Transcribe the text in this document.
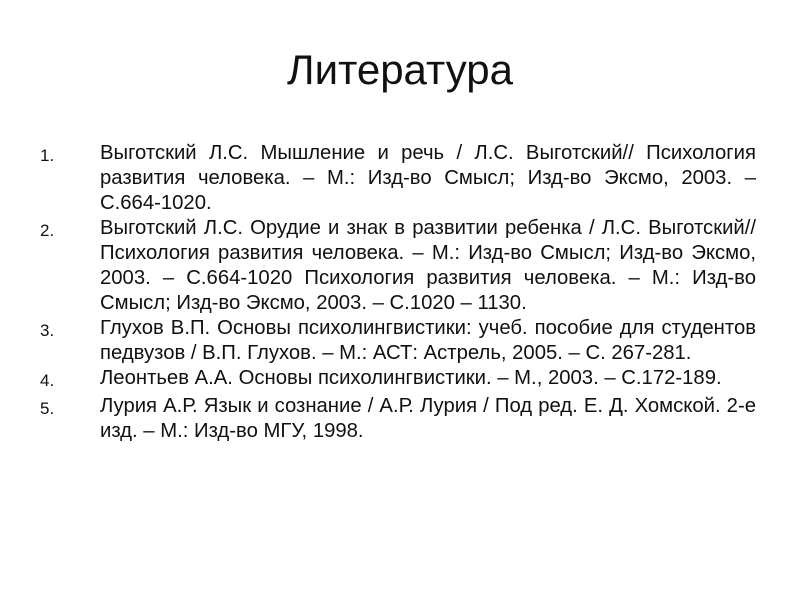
Литература
1.	Выготский Л.С. Мышление и речь / Л.С. Выготский// Психология развития человека. – М.: Изд-во Смысл; Изд-во Эксмо, 2003. – С.664-1020.

2.	Выготский Л.С. Орудие и знак в развитии ребенка / Л.С. Выготский// Психология развития человека. – М.: Изд-во Смысл; Изд-во Эксмо, 2003. – С.664-1020 Психология развития человека. – М.: Изд-во Смысл; Изд-во Эксмо, 2003. – С.1020 – 1130.

3.	Глухов В.П. Основы психолингвистики: учеб. пособие для студентов педвузов / В.П. Глухов. – М.: АСТ: Астрель, 2005. – С. 267-281.

4.	Леонтьев А.А. Основы психолингвистики. – М., 2003. – С.172-189.

5.	Лурия А.Р. Язык и сознание / А.Р. Лурия / Под ред. Е. Д. Хомской. 2-е изд. – М.: Изд-во МГУ, 1998.
